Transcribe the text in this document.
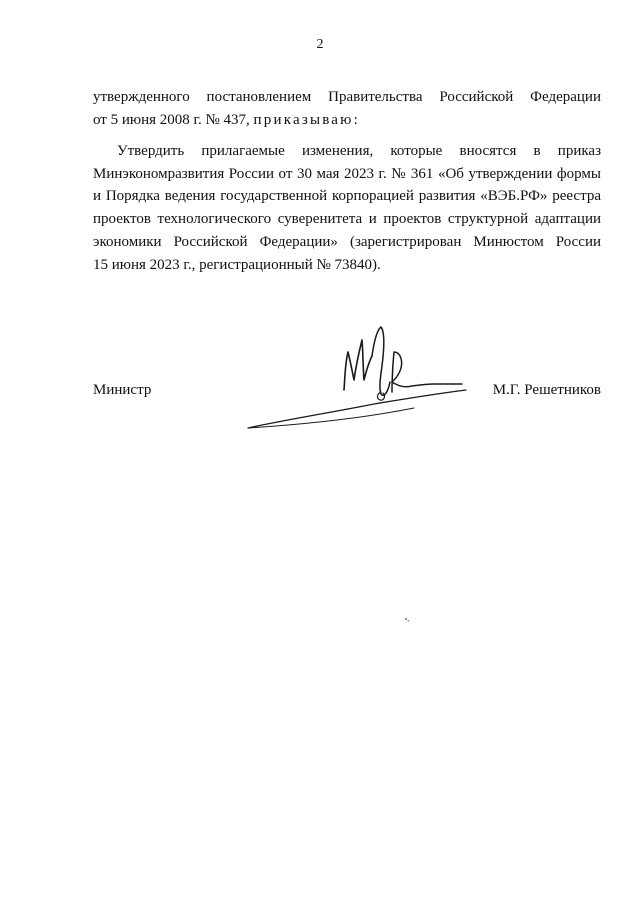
2
утвержденного постановлением Правительства Российской Федерации
от 5 июня 2008 г. № 437, приказываю:
Утвердить прилагаемые изменения, которые вносятся в приказ
Минэкономразвития России от 30 мая 2023 г. № 361 «Об утверждении формы
и Порядка ведения государственной корпорацией развития «ВЭБ.РФ» реестра
проектов технологического суверенитета и проектов структурной адаптации
экономики Российской Федерации» (зарегистрирован Минюстом России
15 июня 2023 г., регистрационный № 73840).
Министр	М.Г. Решетников
